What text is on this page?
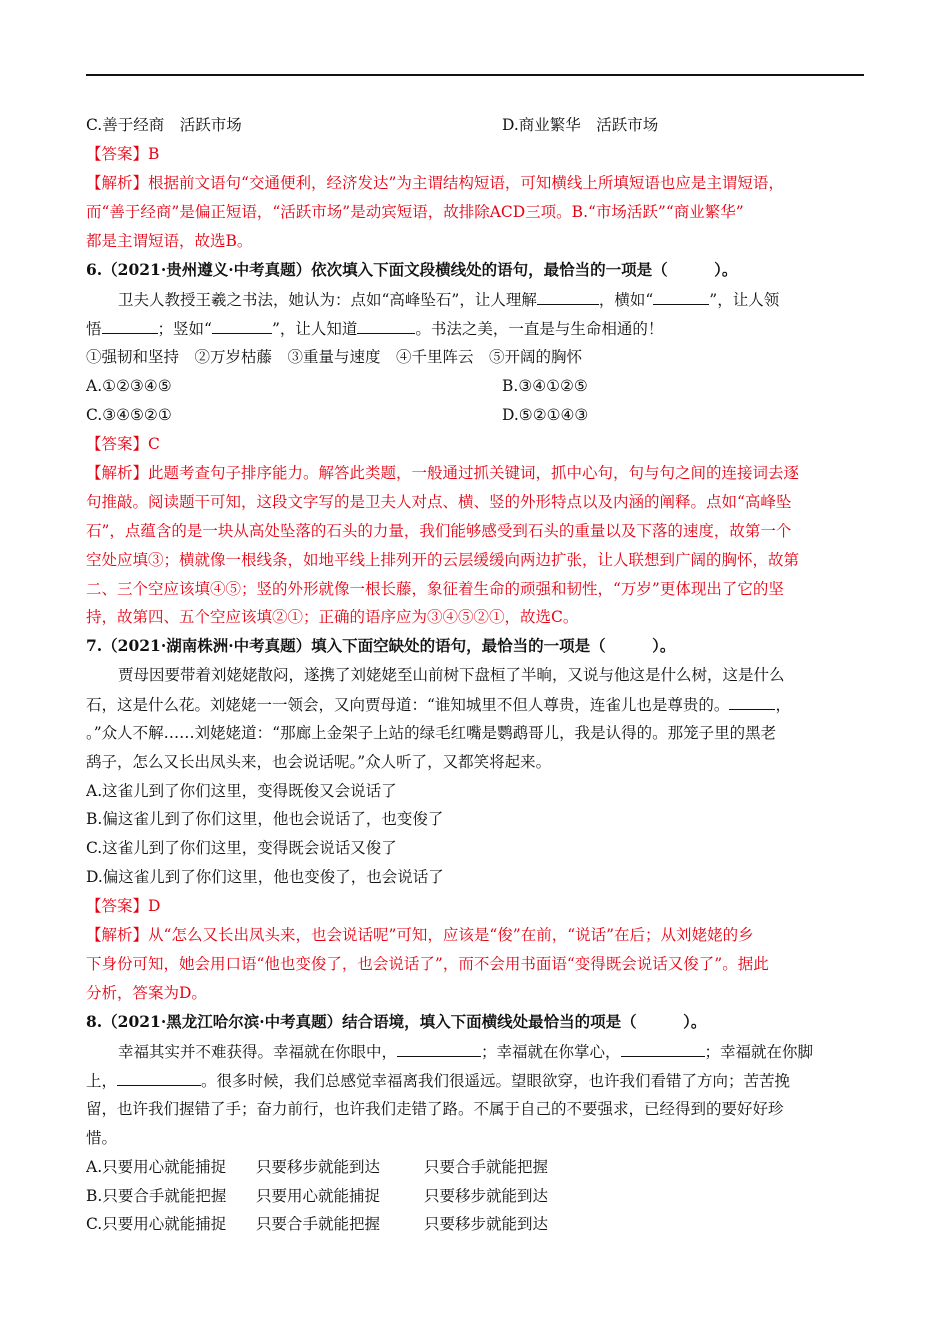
C.善于经商　活跃市场	D.商业繁华　活跃市场
【答案】B
【解析】根据前文语句“交通便利，经济发达”为主谓结构短语，可知横线上所填短语也应是主谓短语，
而“善于经商”是偏正短语，“活跃市场”是动宾短语，故排除ACD三项。B.“市场活跃”“商业繁华”
都是主谓短语，故选B。
6.（2021·贵州遵义·中考真题）依次填入下面文段横线处的语句，最恰当的一项是（　　　）。
卫夫人教授王羲之书法，她认为：点如“高峰坠石”，让人理解	，横如“	”，让人领
悟	；竖如“	”，让人知道	。书法之美，一直是与生命相通的！
①强韧和坚持　②万岁枯藤　③重量与速度　④千里阵云　⑤开阔的胸怀
A.①②③④⑤	B.③④①②⑤
C.③④⑤②①	D.⑤②①④③
【答案】C
【解析】此题考查句子排序能力。解答此类题，一般通过抓关键词，抓中心句，句与句之间的连接词去逐
句推敲。阅读题干可知，这段文字写的是卫夫人对点、横、竖的外形特点以及内涵的阐释。点如“高峰坠
石”，点蕴含的是一块从高处坠落的石头的力量，我们能够感受到石头的重量以及下落的速度，故第一个
空处应填③；横就像一根线条，如地平线上排列开的云层缓缓向两边扩张，让人联想到广阔的胸怀，故第
二、三个空应该填④⑤；竖的外形就像一根长藤，象征着生命的顽强和韧性，“万岁”更体现出了它的坚
持，故第四、五个空应该填②①；正确的语序应为③④⑤②①，故选C。
7.（2021·湖南株洲·中考真题）填入下面空缺处的语句，最恰当的一项是（　　　）。
贾母因要带着刘姥姥散闷，遂携了刘姥姥至山前树下盘桓了半晌，又说与他这是什么树，这是什么
石，这是什么花。刘姥姥一一领会，又向贾母道：“谁知城里不但人尊贵，连雀儿也是尊贵的。	，
。”众人不解……刘姥姥道：“那廊上金架子上站的绿毛红嘴是鹦鹉哥儿，我是认得的。那笼子里的黑老
鸹子，怎么又长出凤头来，也会说话呢。”众人听了，又都笑将起来。
A.这雀儿到了你们这里，变得既俊又会说话了
B.偏这雀儿到了你们这里，他也会说话了，也变俊了
C.这雀儿到了你们这里，变得既会说话又俊了
D.偏这雀儿到了你们这里，他也变俊了，也会说话了
【答案】D
【解析】从“怎么又长出凤头来，也会说话呢”可知，应该是“俊”在前，“说话”在后；从刘姥姥的乡
下身份可知，她会用口语“他也变俊了，也会说话了”，而不会用书面语“变得既会说话又俊了”。据此
分析，答案为D。
8.（2021·黑龙江哈尔滨·中考真题）结合语境，填入下面横线处最恰当的项是（　　　）。
幸福其实并不难获得。幸福就在你眼中，	；幸福就在你掌心，	；幸福就在你脚
上，	。很多时候，我们总感觉幸福离我们很遥远。望眼欲穿，也许我们看错了方向；苦苦挽
留，也许我们握错了手；奋力前行，也许我们走错了路。不属于自己的不要强求，已经得到的要好好珍
惜。
A.只要用心就能捕捉 只要移步就能到达	只要合手就能把握
B.只要合手就能把握 只要用心就能捕捉	只要移步就能到达
C.只要用心就能捕捉 只要合手就能把握	只要移步就能到达
